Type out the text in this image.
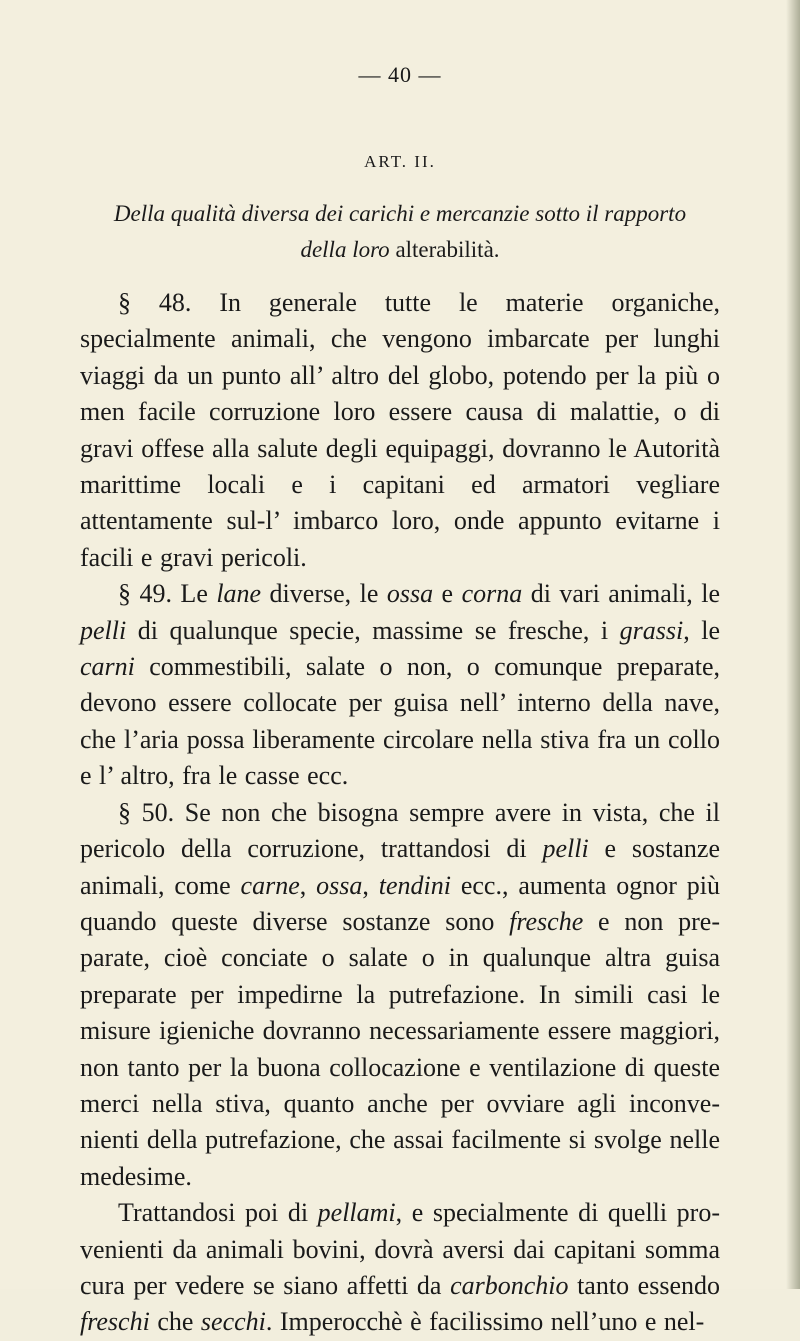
— 40 —
ART. II.
Della qualità diversa dei carichi e mercanzie sotto il rapporto
della loro alterabilità.

§ 48. In generale tutte le materie organiche, specialmente animali, che vengono imbarcate per lunghi viaggi da un punto all’ altro del globo, potendo per la più o men facile corruzione loro essere causa di malattie, o di gravi offese alla salute degli equipaggi, dovranno le Autorità marittime locali e i capitani ed armatori vegliare attentamente sul-l’ imbarco loro, onde appunto evitarne i facili e gravi pericoli.

§ 49. Le lane diverse, le ossa e corna di vari animali, le pelli di qualunque specie, massime se fresche, i grassi, le carni commestibili, salate o non, o comunque preparate, devono essere collocate per guisa nell’ interno della nave, che l’aria possa liberamente circolare nella stiva fra un collo e l’ altro, fra le casse ecc.

§ 50. Se non che bisogna sempre avere in vista, che il pericolo della corruzione, trattandosi di pelli e sostanze animali, come carne, ossa, tendini ecc., aumenta ognor più quando queste diverse sostanze sono fresche e non pre-parate, cioè conciate o salate o in qualunque altra guisa preparate per impedirne la putrefazione. In simili casi le misure igieniche dovranno necessariamente essere maggiori, non tanto per la buona collocazione e ventilazione di queste merci nella stiva, quanto anche per ovviare agli inconve-nienti della putrefazione, che assai facilmente si svolge nelle medesime.

Trattandosi poi di pellami, e specialmente di quelli pro-venienti da animali bovini, dovrà aversi dai capitani somma cura per vedere se siano affetti da carbonchio tanto essendo freschi che secchi. Imperocchè è facilissimo nell’uno e nel-
